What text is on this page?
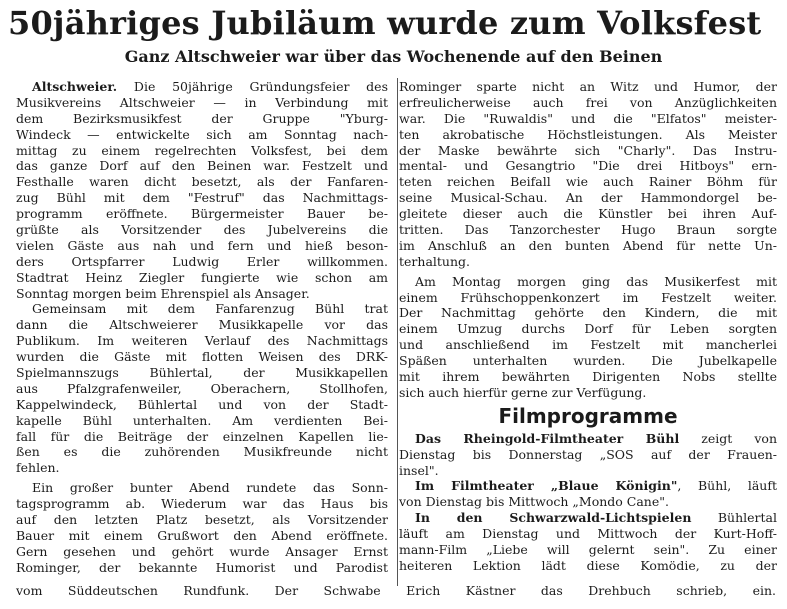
50jähriges Jubiläum wurde zum Volksfest
Ganz Altschweier war über das Wochenende auf den Beinen
Altschweier. Die 50jährige Gründungsfeier des
Musikvereins Altschweier — in Verbindung mit
dem Bezirksmusikfest der Gruppe "Yburg-
Windeck — entwickelte sich am Sonntag nach-
mittag zu einem regelrechten Volksfest, bei dem
das ganze Dorf auf den Beinen war. Festzelt und
Festhalle waren dicht besetzt, als der Fanfaren-
zug Bühl mit dem "Festruf" das Nachmittags-
programm eröffnete. Bürgermeister Bauer be-
grüßte als Vorsitzender des Jubelvereins die
vielen Gäste aus nah und fern und hieß beson-
ders Ortspfarrer Ludwig Erler willkommen.
Stadtrat Heinz Ziegler fungierte wie schon am
Sonntag morgen beim Ehrenspiel als Ansager.
Gemeinsam mit dem Fanfarenzug Bühl trat
dann die Altschweierer Musikkapelle vor das
Publikum. Im weiteren Verlauf des Nachmittags
wurden die Gäste mit flotten Weisen des DRK-
Spielmannszugs Bühlertal, der Musikkapellen
aus Pfalzgrafenweiler, Oberachern, Stollhofen,
Kappelwindeck, Bühlertal und von der Stadt-
kapelle Bühl unterhalten. Am verdienten Bei-
fall für die Beiträge der einzelnen Kapellen lie-
ßen es die zuhörenden Musikfreunde nicht
fehlen.
Ein großer bunter Abend rundete das Sonn-
tagsprogramm ab. Wiederum war das Haus bis
auf den letzten Platz besetzt, als Vorsitzender
Bauer mit einem Grußwort den Abend eröffnete.
Gern gesehen und gehört wurde Ansager Ernst
Rominger, der bekannte Humorist und Parodist
Rominger sparte nicht an Witz und Humor, der
erfreulicherweise auch frei von Anzüglichkeiten
war. Die "Ruwaldis" und die "Elfatos" meister-
ten akrobatische Höchstleistungen. Als Meister
der Maske bewährte sich "Charly". Das Instru-
mental- und Gesangtrio "Die drei Hitboys" ern-
teten reichen Beifall wie auch Rainer Böhm für
seine Musical-Schau. An der Hammondorgel be-
gleitete dieser auch die Künstler bei ihren Auf-
tritten. Das Tanzorchester Hugo Braun sorgte
im Anschluß an den bunten Abend für nette Un-
terhaltung.
Am Montag morgen ging das Musikerfest mit
einem Frühschoppenkonzert im Festzelt weiter.
Der Nachmittag gehörte den Kindern, die mit
einem Umzug durchs Dorf für Leben sorgten
und anschließend im Festzelt mit mancherlei
Späßen unterhalten wurden. Die Jubelkapelle
mit ihrem bewährten Dirigenten Nobs stellte
sich auch hierfür gerne zur Verfügung.
Filmprogramme
Das Rheingold-Filmtheater Bühl zeigt von
Dienstag bis Donnerstag „SOS auf der Frauen-
insel".
Im Filmtheater „Blaue Königin", Bühl, läuft
von Dienstag bis Mittwoch „Mondo Cane".
In den Schwarzwald-Lichtspielen Bühlertal
läuft am Dienstag und Mittwoch der Kurt-Hoff-
mann-Film „Liebe will gelernt sein". Zu einer
heiteren Lektion lädt diese Komödie, zu der
vom Süddeutschen Rundfunk. Der Schwabe Erich Kästner das Drehbuch schrieb, ein.
